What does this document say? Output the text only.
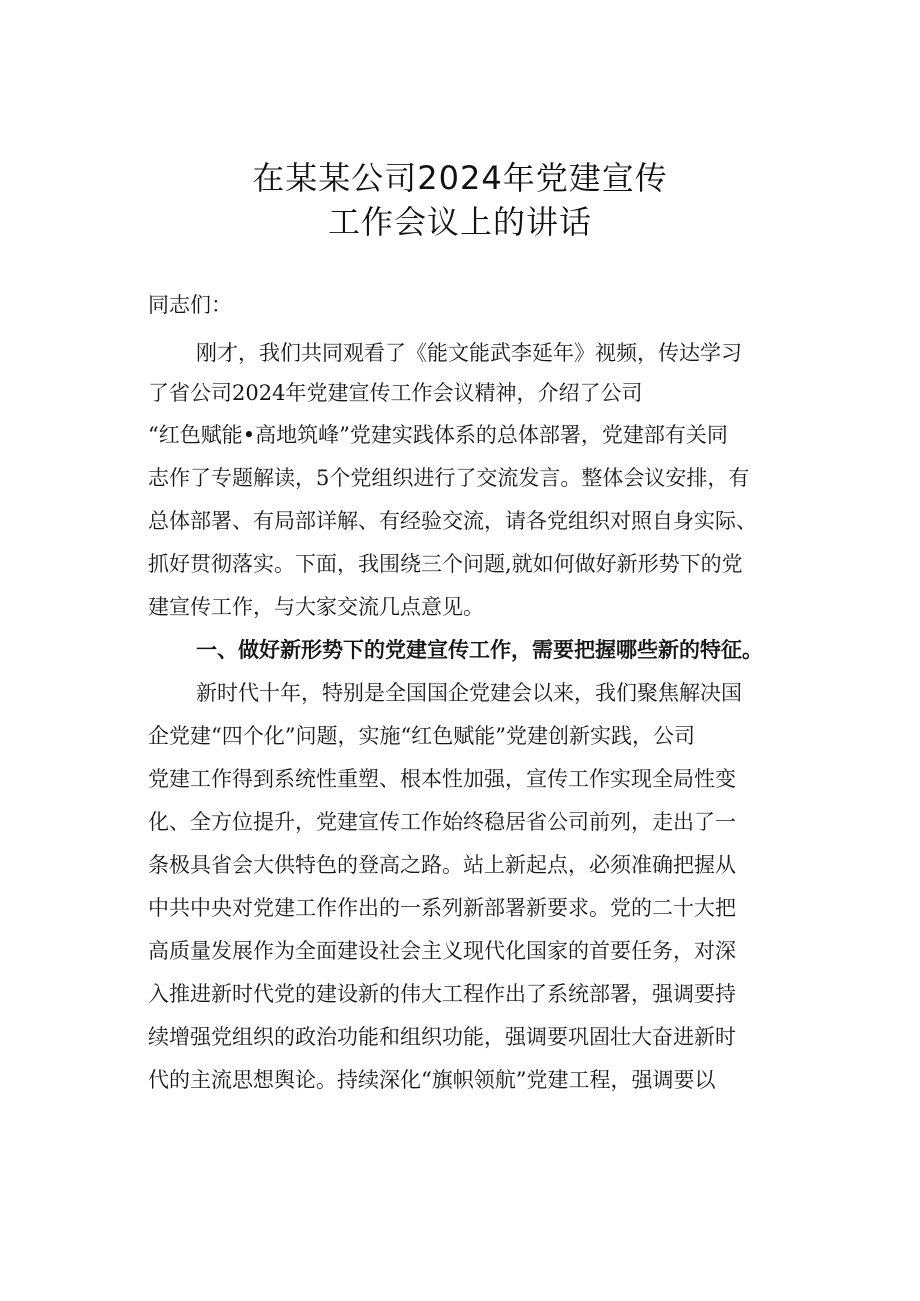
在某某公司2024年党建宣传
工作会议上的讲话
同志们：
刚才，我们共同观看了《能文能武李延年》视频，传达学习
了省公司2024年党建宣传工作会议精神，介绍了公司
“红色赋能•高地筑峰”党建实践体系的总体部署，党建部有关同
志作了专题解读，5个党组织进行了交流发言。整体会议安排，有
总体部署、有局部详解、有经验交流，请各党组织对照自身实际、
抓好贯彻落实。下面，我围绕三个问题,就如何做好新形势下的党
建宣传工作，与大家交流几点意见。
一、做好新形势下的党建宣传工作，需要把握哪些新的特征。
新时代十年，特别是全国国企党建会以来，我们聚焦解决国
企党建“四个化”问题，实施“红色赋能”党建创新实践，公司
党建工作得到系统性重塑、根本性加强，宣传工作实现全局性变
化、全方位提升，党建宣传工作始终稳居省公司前列，走出了一
条极具省会大供特色的登高之路。站上新起点，必须准确把握从
中共中央对党建工作作出的一系列新部署新要求。党的二十大把
高质量发展作为全面建设社会主义现代化国家的首要任务，对深
入推进新时代党的建设新的伟大工程作出了系统部署，强调要持
续增强党组织的政治功能和组织功能，强调要巩固壮大奋进新时
代的主流思想舆论。持续深化“旗帜领航”党建工程，强调要以
